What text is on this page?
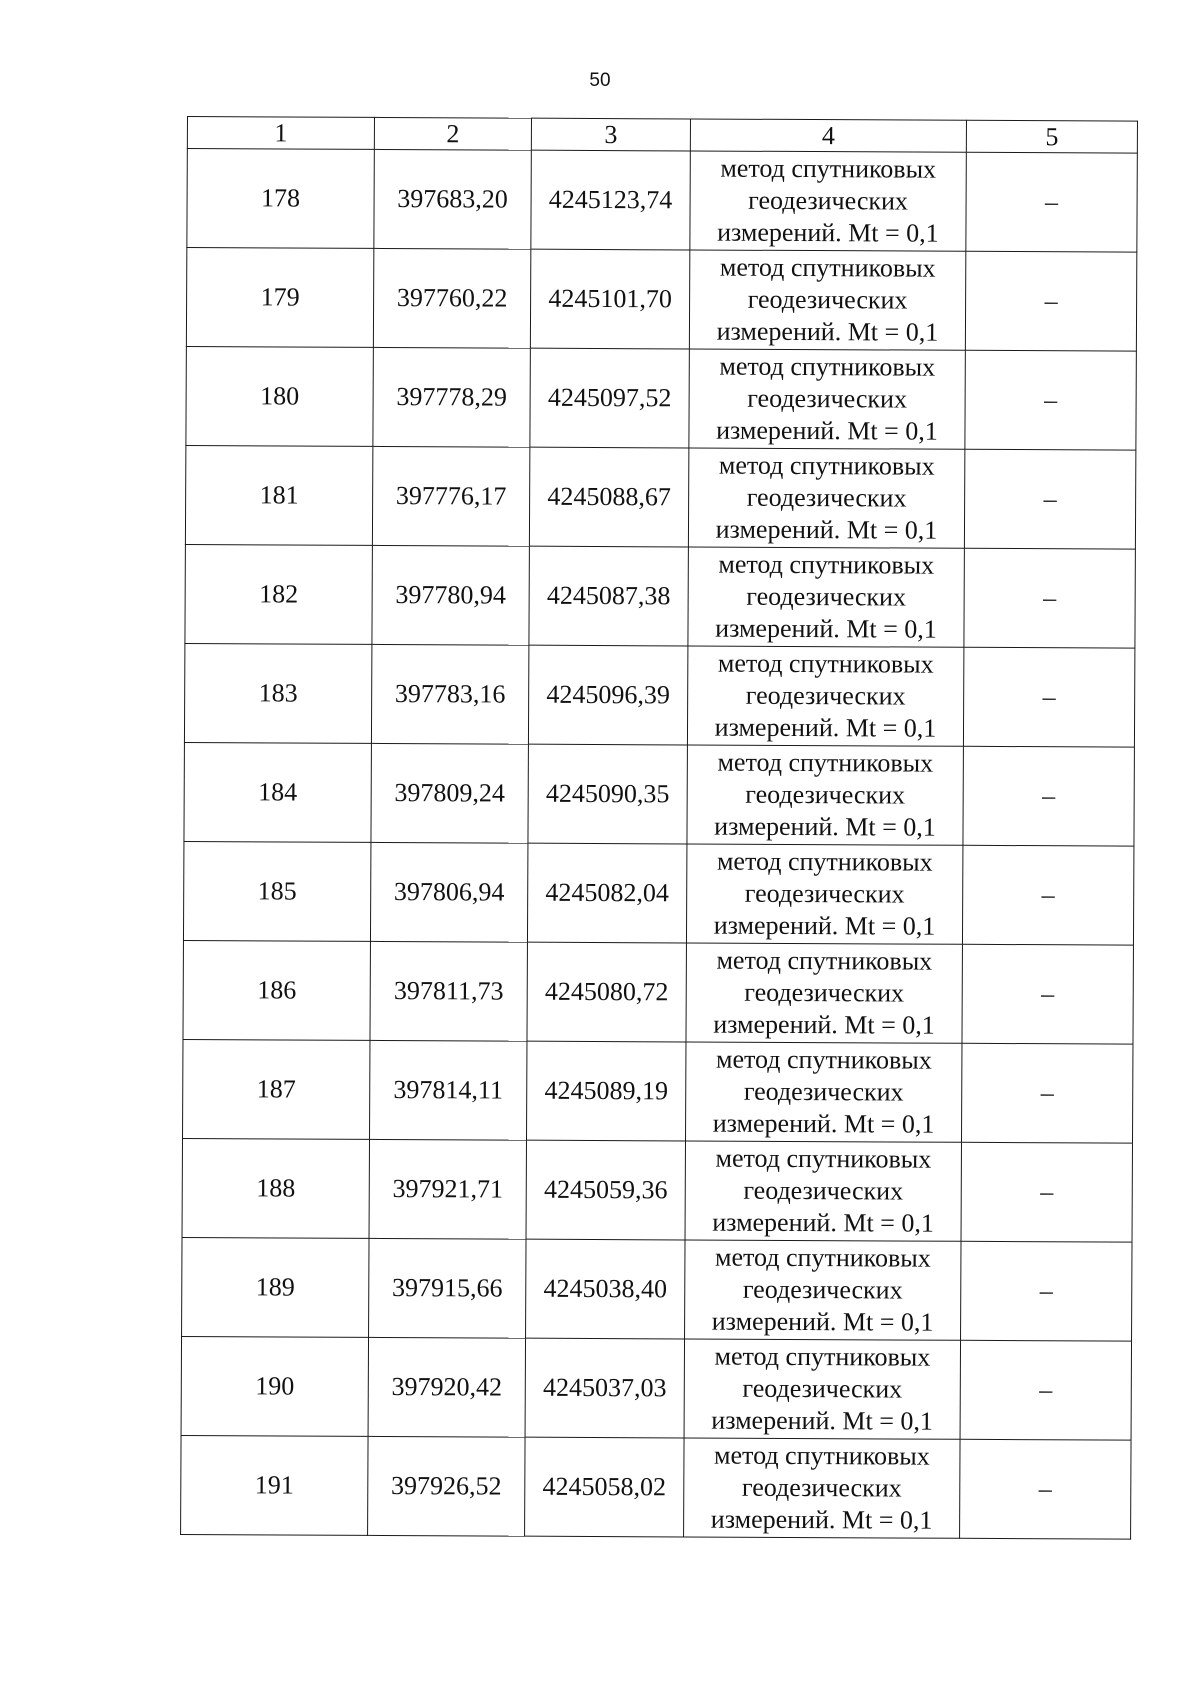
50
1	2	3	4	5
178	397683,20	4245123,74	метод спутниковых геодезических измерений. Mt = 0,1	–
179	397760,22	4245101,70	метод спутниковых геодезических измерений. Mt = 0,1	–
180	397778,29	4245097,52	метод спутниковых геодезических измерений. Mt = 0,1	–
181	397776,17	4245088,67	метод спутниковых геодезических измерений. Mt = 0,1	–
182	397780,94	4245087,38	метод спутниковых геодезических измерений. Mt = 0,1	–
183	397783,16	4245096,39	метод спутниковых геодезических измерений. Mt = 0,1	–
184	397809,24	4245090,35	метод спутниковых геодезических измерений. Mt = 0,1	–
185	397806,94	4245082,04	метод спутниковых геодезических измерений. Mt = 0,1	–
186	397811,73	4245080,72	метод спутниковых геодезических измерений. Mt = 0,1	–
187	397814,11	4245089,19	метод спутниковых геодезических измерений. Mt = 0,1	–
188	397921,71	4245059,36	метод спутниковых геодезических измерений. Mt = 0,1	–
189	397915,66	4245038,40	метод спутниковых геодезических измерений. Mt = 0,1	–
190	397920,42	4245037,03	метод спутниковых геодезических измерений. Mt = 0,1	–
191	397926,52	4245058,02	метод спутниковых геодезических измерений. Mt = 0,1	–
